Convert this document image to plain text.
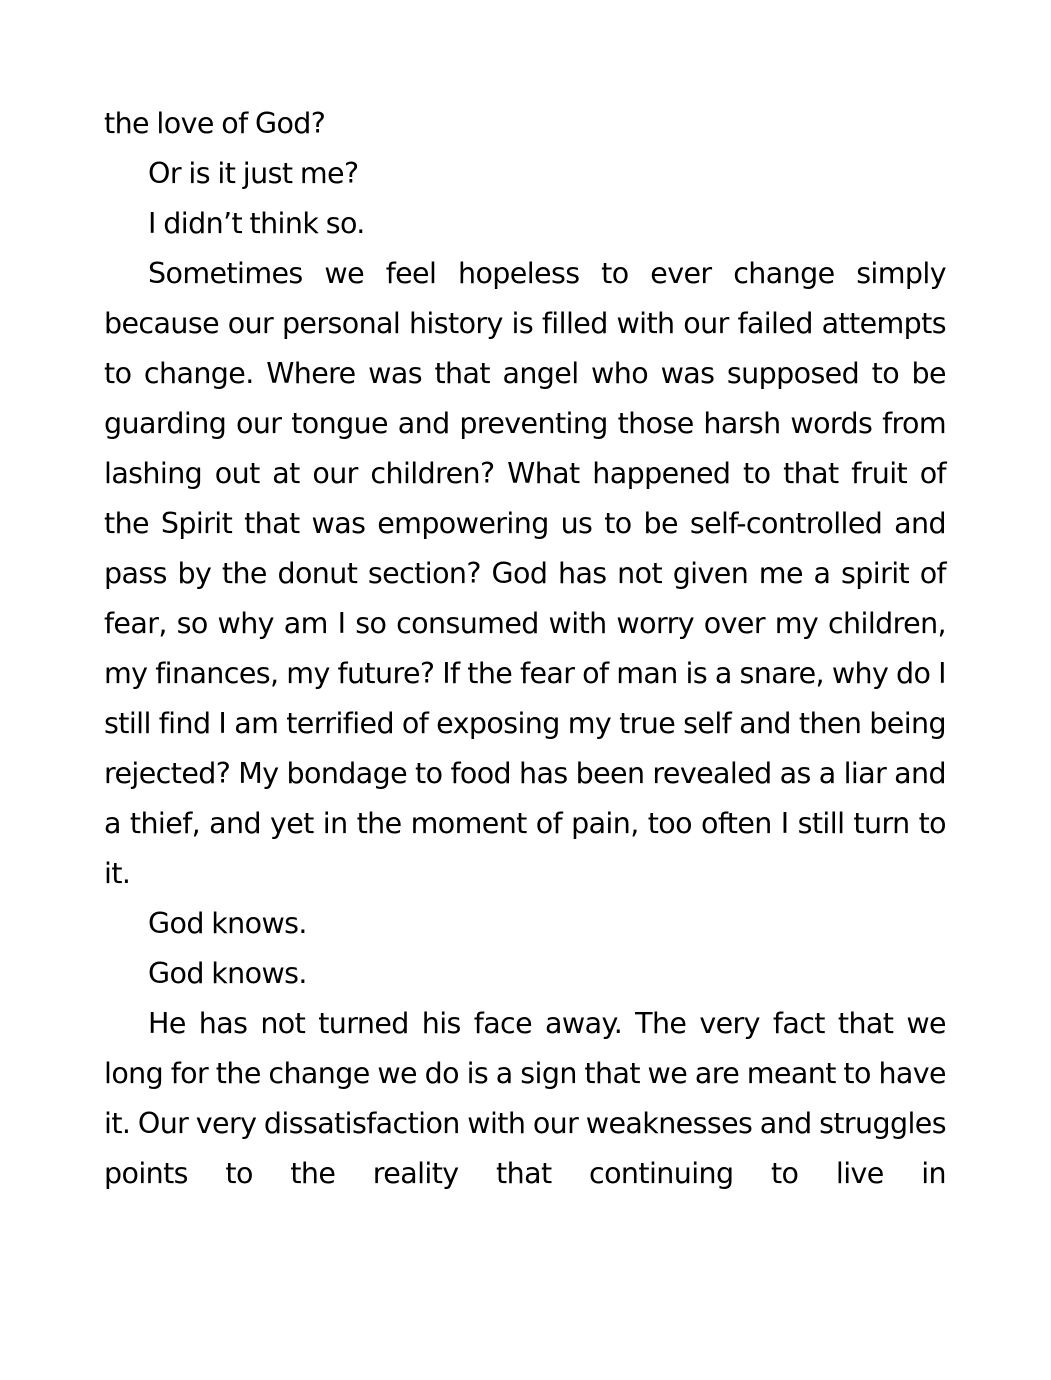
the love of God?

Or is it just me?

I didn’t think so.

Sometimes we feel hopeless to ever change simply because our personal history is filled with our failed attempts to change. Where was that angel who was supposed to be guarding our tongue and preventing those harsh words from lashing out at our children? What happened to that fruit of the Spirit that was empowering us to be self-controlled and pass by the donut section? God has not given me a spirit of fear, so why am I so consumed with worry over my children, my finances, my future? If the fear of man is a snare, why do I still find I am terrified of exposing my true self and then being rejected? My bondage to food has been revealed as a liar and a thief, and yet in the moment of pain, too often I still turn to it.

God knows.

God knows.

He has not turned his face away. The very fact that we long for the change we do is a sign that we are meant to have it. Our very dissatisfaction with our weaknesses and struggles points to the reality that continuing to live in
